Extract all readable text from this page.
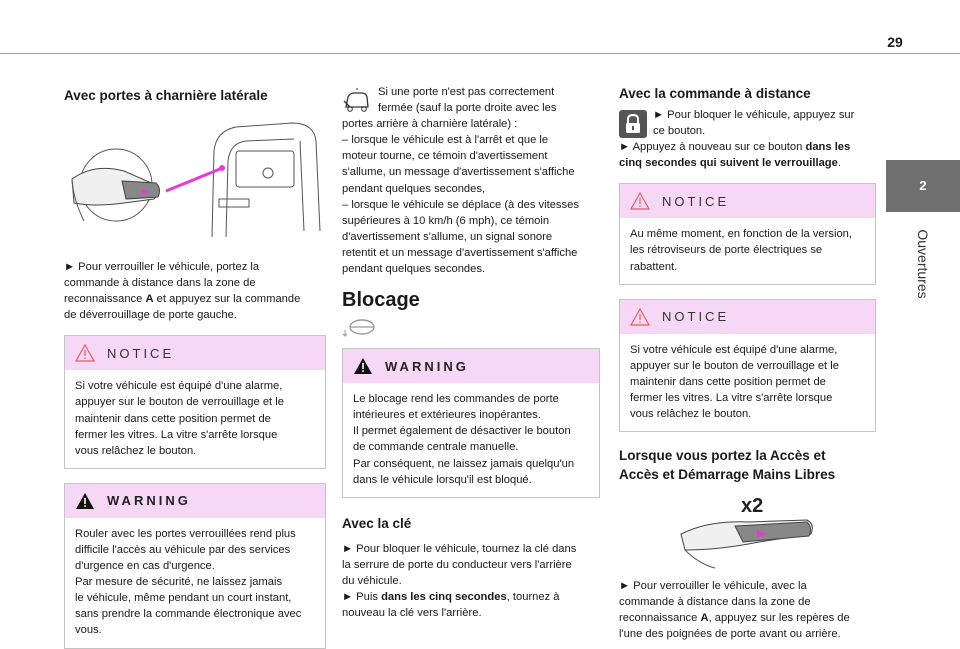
29
2
Ouvertures
Avec portes à charnière latérale

► Pour verrouiller le véhicule, portez la
commande à distance dans la zone de
reconnaissance A et appuyez sur la commande
de déverrouillage de porte gauche.

NOTICE
Si votre véhicule est équipé d'une alarme,
appuyer sur le bouton de verrouillage et le
maintenir dans cette position permet de
fermer les vitres. La vitre s'arrête lorsque
vous relâchez le bouton.
WARNING
Rouler avec les portes verrouillées rend plus
difficile l'accès au véhicule par des services
d'urgence en cas d'urgence.
Par mesure de sécurité, ne laissez jamais
le véhicule, même pendant un court instant,
sans prendre la commande électronique avec
vous.

Si une porte n'est pas correctement
fermée (sauf la porte droite avec les
portes arrière à charnière latérale) :
– lorsque le véhicule est à l'arrêt et que le
moteur tourne, ce témoin d'avertissement
s'allume, un message d'avertissement s'affiche
pendant quelques secondes,
– lorsque le véhicule se déplace (à des vitesses
supérieures à 10 km/h (6 mph), ce témoin
d'avertissement s'allume, un signal sonore
retentit et un message d'avertissement s'affiche
pendant quelques secondes.

Blocage
WARNING
Le blocage rend les commandes de porte
intérieures et extérieures inopérantes.
Il permet également de désactiver le bouton
de commande centrale manuelle.
Par conséquent, ne laissez jamais quelqu'un
dans le véhicule lorsqu'il est bloqué.
Avec la clé

► Pour bloquer le véhicule, tournez la clé dans
la serrure de porte du conducteur vers l'arrière
du véhicule.
► Puis dans les cinq secondes, tournez à
nouveau la clé vers l'arrière.

Avec la commande à distance

► Pour bloquer le véhicule, appuyez sur
ce bouton.
► Appuyez à nouveau sur ce bouton dans les
cinq secondes qui suivent le verrouillage.

NOTICE
Au même moment, en fonction de la version,
les rétroviseurs de porte électriques se
rabattent.
NOTICE
Si votre véhicule est équipé d'une alarme,
appuyer sur le bouton de verrouillage et le
maintenir dans cette position permet de
fermer les vitres. La vitre s'arrête lorsque
vous relâchez le bouton.
Lorsque vous portez la Accès et
Accès et Démarrage Mains Libres
x2

► Pour verrouiller le véhicule, avec la
commande à distance dans la zone de
reconnaissance A, appuyez sur les repères de
l'une des poignées de porte avant ou arrière.
